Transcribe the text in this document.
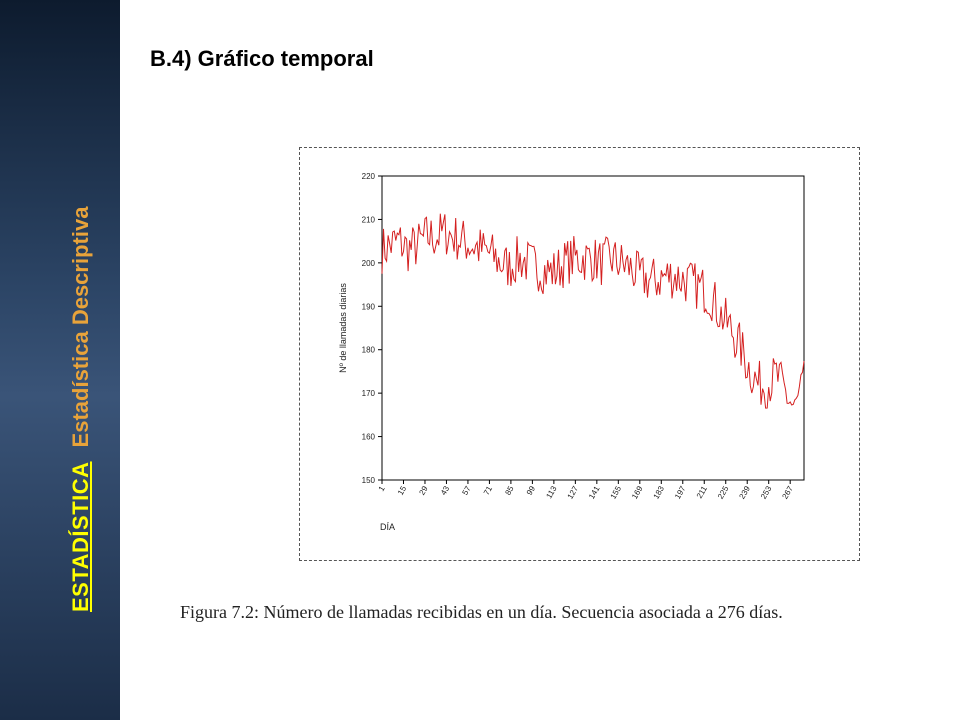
ESTADÍSTICAEstadística Descriptiva
B.4) Gráfico temporal
150
160
170
180
190
200
210
220
1 15 29 43 57 71 85 99 113 127 141 155 169 183 197 211 225 239 253 267
Nº de llamadas diarias
DÍA
Figura 7.2: Número de llamadas recibidas en un día. Secuencia asociada a 276 días.
